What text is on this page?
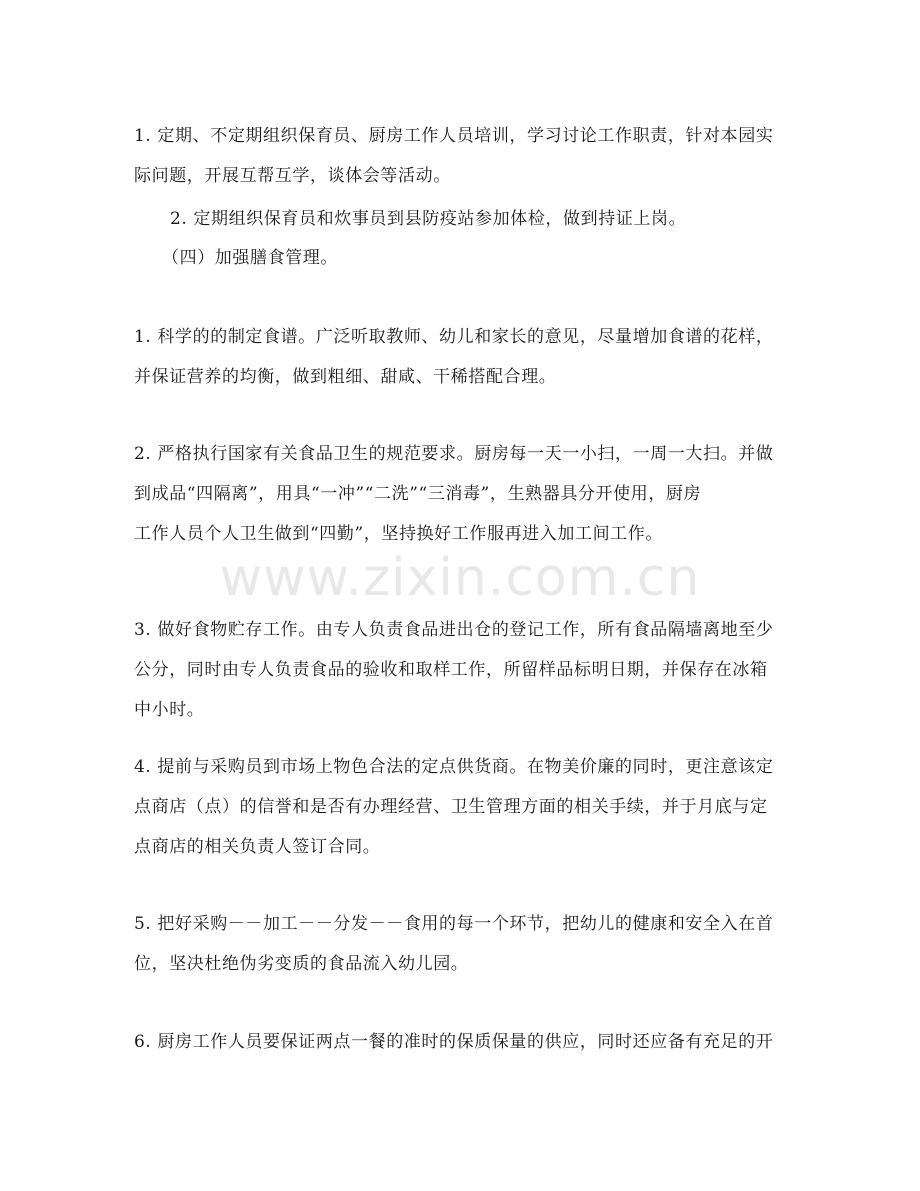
www.zixin.com.cn

1. 定期、不定期组织保育员、厨房工作人员培训，学习讨论工作职责，针对本园实
际问题，开展互帮互学，谈体会等活动。

2. 定期组织保育员和炊事员到县防疫站参加体检，做到持证上岗。

（四）加强膳食管理。

1. 科学的的制定食谱。广泛听取教师、幼儿和家长的意见，尽量增加食谱的花样，
并保证营养的均衡，做到粗细、甜咸、干稀搭配合理。

2. 严格执行国家有关食品卫生的规范要求。厨房每一天一小扫，一周一大扫。并做
到成品“四隔离”，用具“一冲”“二洗”“三消毒”，生熟器具分开使用，厨房
工作人员个人卫生做到“四勤”，坚持换好工作服再进入加工间工作。

3. 做好食物贮存工作。由专人负责食品进出仓的登记工作，所有食品隔墙离地至少
公分，同时由专人负责食品的验收和取样工作，所留样品标明日期，并保存在冰箱
中小时。

4. 提前与采购员到市场上物色合法的定点供货商。在物美价廉的同时，更注意该定
点商店（点）的信誉和是否有办理经营、卫生管理方面的相关手续，并于月底与定
点商店的相关负责人签订合同。

5. 把好采购－－加工－－分发－－食用的每一个环节，把幼儿的健康和安全入在首
位，坚决杜绝伪劣变质的食品流入幼儿园。

6. 厨房工作人员要保证两点一餐的准时的保质保量的供应，同时还应备有充足的开
